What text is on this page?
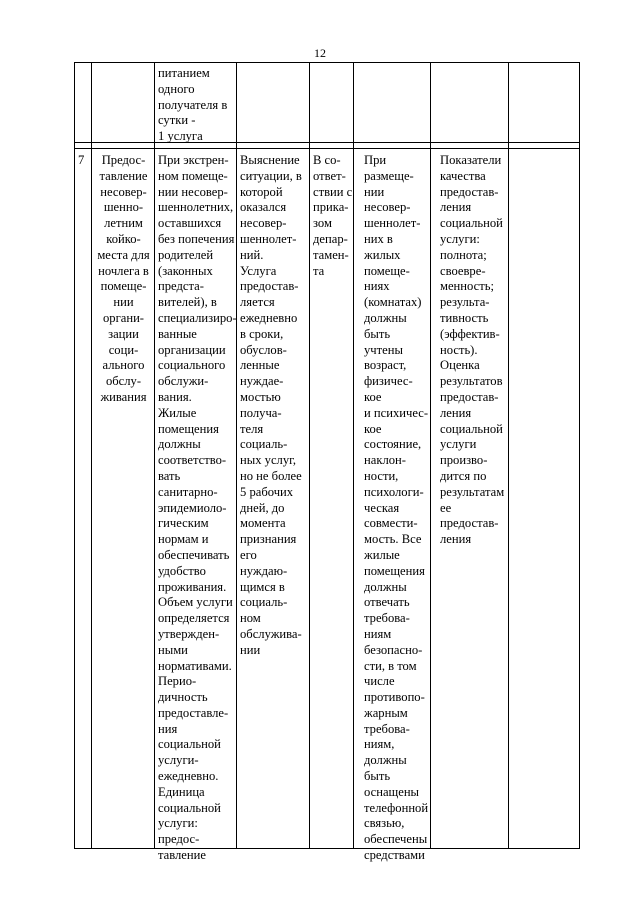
12
питанием
одного
получателя в
сутки -
1 услуга
7	Предос-
тавление
несовер-
шенно-
летним
койко-
места для
ночлега в
помеще-
нии
органи-
зации
соци-
ального
обслу-
живания
При экстрен-
ном помеще-
нии несовер-
шеннолетних,
оставшихся
без попечения
родителей
(законных
предста-
вителей), в
специализиро-
ванные
организации
социального
обслужи-
вания.
Жилые
помещения
должны
соответство-
вать
санитарно-
эпидемиоло-
гическим
нормам и
обеспечивать
удобство
проживания.
Объем услуги
определяется
утвержден-
ными
нормативами.
Перио-
дичность
предоставле-
ния
социальной
услуги-
ежедневно.
Единица
социальной
услуги:
предос-
тавление
Выяснение
ситуации, в
которой
оказался
несовер-
шеннолет-
ний.
Услуга
предостав-
ляется
ежедневно
в сроки,
обуслов-
ленные
нуждае-
мостью
получа-
теля
социаль-
ных услуг,
но не более
5 рабочих
дней, до
момента
признания
его
нуждаю-
щимся в
социаль-
ном
обслужива-
нии
В со-
ответ-
ствии с
прика-
зом
депар-
тамен-
та
При
размеще-
нии
несовер-
шеннолет-
них в
жилых
помеще-
ниях
(комнатах)
должны
быть
учтены
возраст,
физичес-кое
и психичес-
кое
состояние,
наклон-
ности,
психологи-
ческая
совмести-
мость. Все
жилые
помещения
должны
отвечать
требова-
ниям
безопасно-
сти, в том
числе
противопо-
жарным
требова-
ниям,
должны
быть
оснащены
телефонной
связью,
обеспечены
средствами
Показатели
качества
предостав-
ления
социальной
услуги:
полнота;
своевре-
менность;
результа-
тивность
(эффектив-
ность).
Оценка
результатов
предостав-
ления
социальной
услуги
произво-
дится по
результатам
ее
предостав-
ления
